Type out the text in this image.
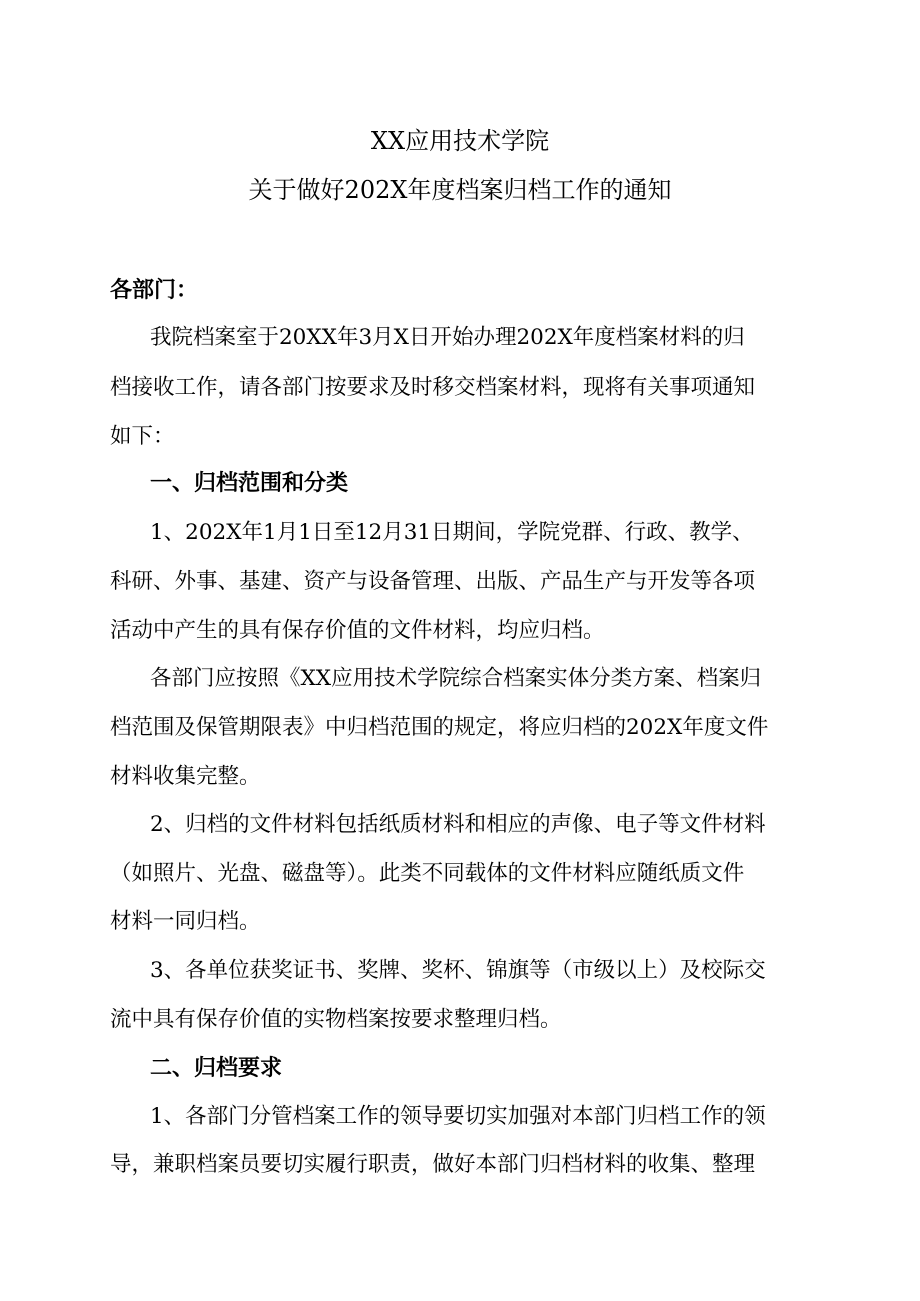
XX应用技术学院
关于做好202X年度档案归档工作的通知
各部门：
我院档案室于20XX年3月X日开始办理202X年度档案材料的归
档接收工作，请各部门按要求及时移交档案材料，现将有关事项通知
如下：
一、归档范围和分类
1、202X年1月1日至12月31日期间，学院党群、行政、教学、
科研、外事、基建、资产与设备管理、出版、产品生产与开发等各项
活动中产生的具有保存价值的文件材料，均应归档。
各部门应按照《XX应用技术学院综合档案实体分类方案、档案归
档范围及保管期限表》中归档范围的规定，将应归档的202X年度文件
材料收集完整。
2、归档的文件材料包括纸质材料和相应的声像、电子等文件材料
（如照片、光盘、磁盘等）。此类不同载体的文件材料应随纸质文件
材料一同归档。
3、各单位获奖证书、奖牌、奖杯、锦旗等（市级以上）及校际交
流中具有保存价值的实物档案按要求整理归档。
二、归档要求
1、各部门分管档案工作的领导要切实加强对本部门归档工作的领
导，兼职档案员要切实履行职责，做好本部门归档材料的收集、整理
